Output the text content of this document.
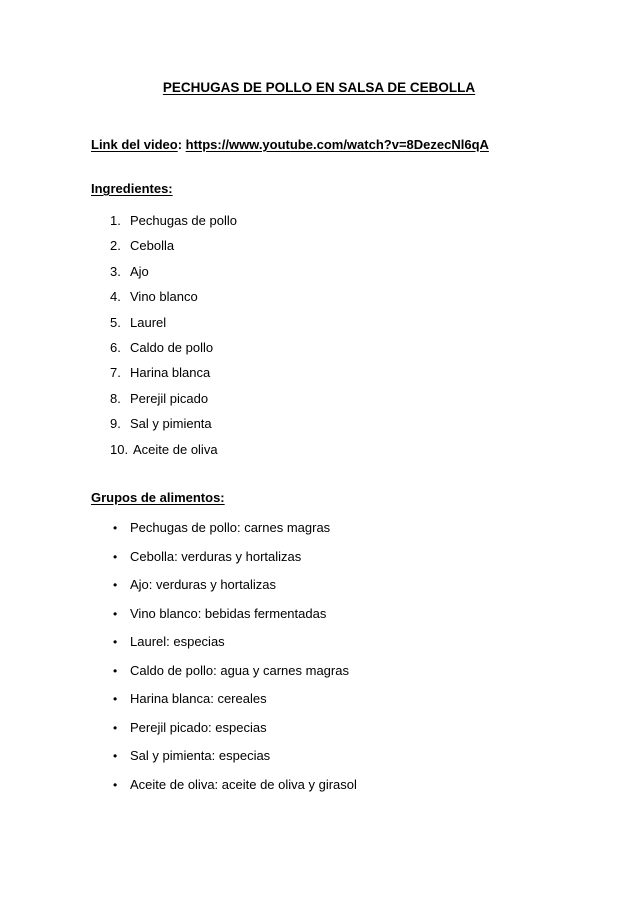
PECHUGAS DE POLLO EN SALSA DE CEBOLLA

Link del video: https://www.youtube.com/watch?v=8DezecNl6qA

Ingredientes:
1. Pechugas de pollo
2. Cebolla
3. Ajo
4. Vino blanco
5. Laurel
6. Caldo de pollo
7. Harina blanca
8. Perejil picado
9. Sal y pimienta
10. Aceite de oliva
Grupos de alimentos:
• Pechugas de pollo: carnes magras
• Cebolla: verduras y hortalizas
• Ajo: verduras y hortalizas
• Vino blanco: bebidas fermentadas
• Laurel: especias
• Caldo de pollo: agua y carnes magras
• Harina blanca: cereales
• Perejil picado: especias
• Sal y pimienta: especias
• Aceite de oliva: aceite de oliva y girasol
